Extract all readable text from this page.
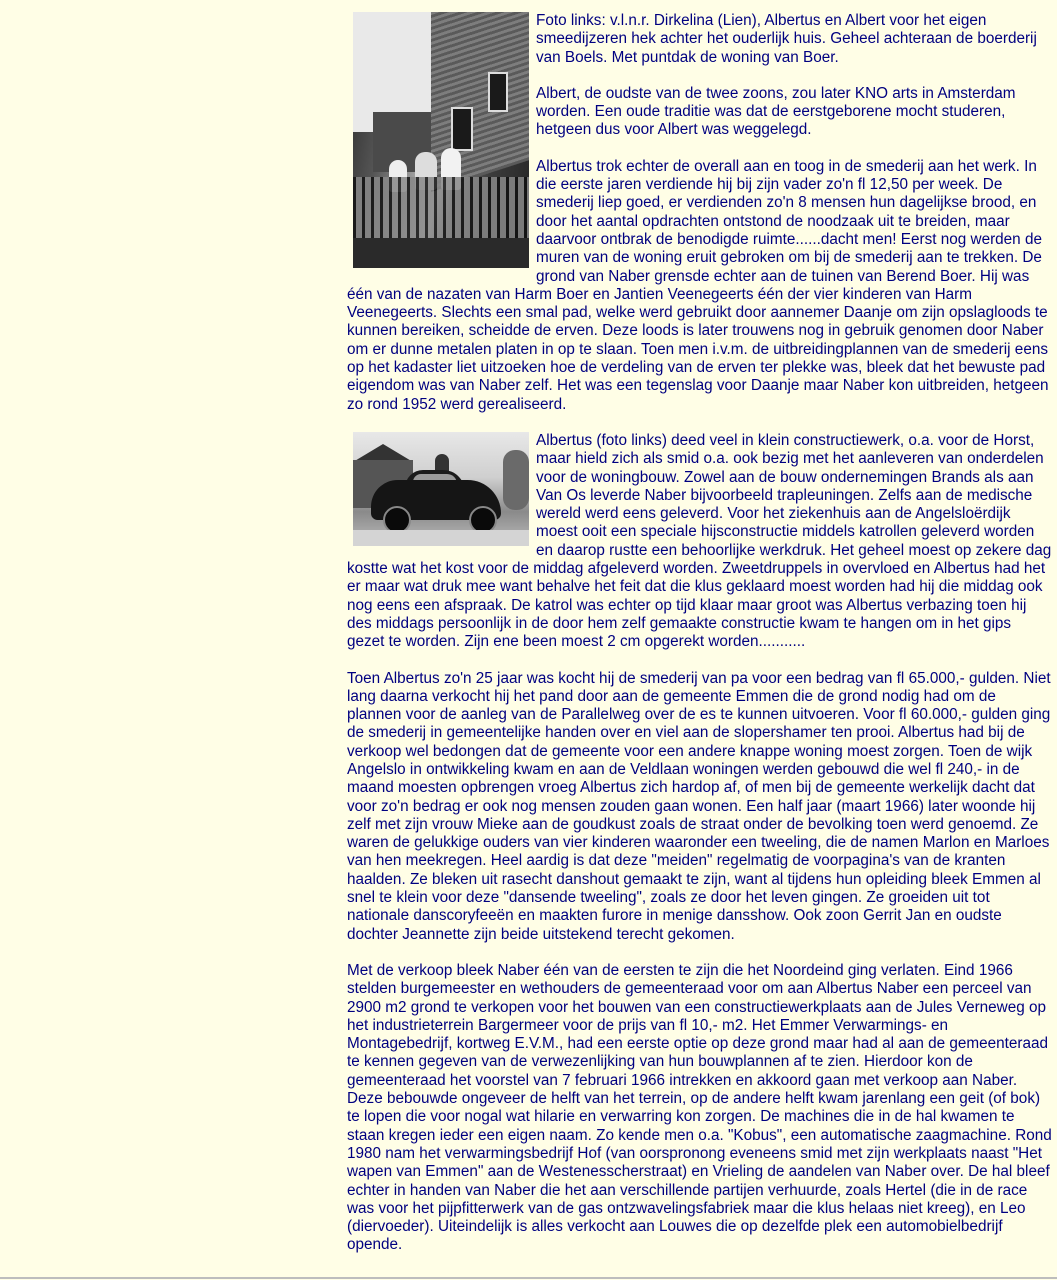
Foto links: v.l.n.r. Dirkelina (Lien), Albertus en Albert voor het eigen smeedijzeren hek achter het ouderlijk huis. Geheel achteraan de boerderij van Boels. Met puntdak de woning van Boer.

Albert, de oudste van de twee zoons, zou later KNO arts in Amsterdam worden. Een oude traditie was dat de eerstgeborene mocht studeren, hetgeen dus voor Albert was weggelegd.

Albertus trok echter de overall aan en toog in de smederij aan het werk. In die eerste jaren verdiende hij bij zijn vader zo'n fl 12,50 per week. De smederij liep goed, er verdienden zo'n 8 mensen hun dagelijkse brood, en door het aantal opdrachten ontstond de noodzaak uit te breiden, maar daarvoor ontbrak de benodigde ruimte......dacht men! Eerst nog werden de muren van de woning eruit gebroken om bij de smederij aan te trekken. De grond van Naber grensde echter aan de tuinen van Berend Boer. Hij was één van de nazaten van Harm Boer en Jantien Veenegeerts één der vier kinderen van Harm Veenegeerts. Slechts een smal pad, welke werd gebruikt door aannemer Daanje om zijn opslagloods te kunnen bereiken, scheidde de erven. Deze loods is later trouwens nog in gebruik genomen door Naber om er dunne metalen platen in op te slaan. Toen men i.v.m. de uitbreidingplannen van de smederij eens op het kadaster liet uitzoeken hoe de verdeling van de erven ter plekke was, bleek dat het bewuste pad eigendom was van Naber zelf. Het was een tegenslag voor Daanje maar Naber kon uitbreiden, hetgeen zo rond 1952 werd gerealiseerd.

Albertus (foto links) deed veel in klein constructiewerk, o.a. voor de Horst, maar hield zich als smid o.a. ook bezig met het aanleveren van onderdelen voor de woningbouw. Zowel aan de bouw ondernemingen Brands als aan Van Os leverde Naber bijvoorbeeld trapleuningen. Zelfs aan de medische wereld werd eens geleverd. Voor het ziekenhuis aan de Angelsloërdijk moest ooit een speciale hijsconstructie middels katrollen geleverd worden en daarop rustte een behoorlijke werkdruk. Het geheel moest op zekere dag kostte wat het kost voor de middag afgeleverd worden. Zweetdruppels in overvloed en Albertus had het er maar wat druk mee want behalve het feit dat die klus geklaard moest worden had hij die middag ook nog eens een afspraak. De katrol was echter op tijd klaar maar groot was Albertus verbazing toen hij des middags persoonlijk in de door hem zelf gemaakte constructie kwam te hangen om in het gips gezet te worden. Zijn ene been moest 2 cm opgerekt worden...........

Toen Albertus zo'n 25 jaar was kocht hij de smederij van pa voor een bedrag van fl 65.000,- gulden. Niet lang daarna verkocht hij het pand door aan de gemeente Emmen die de grond nodig had om de plannen voor de aanleg van de Parallelweg over de es te kunnen uitvoeren. Voor fl 60.000,- gulden ging de smederij in gemeentelijke handen over en viel aan de slopershamer ten prooi. Albertus had bij de verkoop wel bedongen dat de gemeente voor een andere knappe woning moest zorgen. Toen de wijk Angelslo in ontwikkeling kwam en aan de Veldlaan woningen werden gebouwd die wel fl 240,- in de maand moesten opbrengen vroeg Albertus zich hardop af, of men bij de gemeente werkelijk dacht dat voor zo'n bedrag er ook nog mensen zouden gaan wonen. Een half jaar (maart 1966) later woonde hij zelf met zijn vrouw Mieke aan de goudkust zoals de straat onder de bevolking toen werd genoemd. Ze waren de gelukkige ouders van vier kinderen waaronder een tweeling, die de namen Marlon en Marloes van hen meekregen. Heel aardig is dat deze "meiden" regelmatig de voorpagina's van de kranten haalden. Ze bleken uit rasecht danshout gemaakt te zijn, want al tijdens hun opleiding bleek Emmen al snel te klein voor deze "dansende tweeling", zoals ze door het leven gingen. Ze groeiden uit tot nationale danscoryfeeën en maakten furore in menige dansshow. Ook zoon Gerrit Jan en oudste dochter Jeannette zijn beide uitstekend terecht gekomen.

Met de verkoop bleek Naber één van de eersten te zijn die het Noordeind ging verlaten. Eind 1966 stelden burgemeester en wethouders de gemeenteraad voor om aan Albertus Naber een perceel van 2900 m2 grond te verkopen voor het bouwen van een constructiewerkplaats aan de Jules Verneweg op het industrieterrein Bargermeer voor de prijs van fl 10,- m2. Het Emmer Verwarmings- en Montagebedrijf, kortweg E.V.M., had een eerste optie op deze grond maar had al aan de gemeenteraad te kennen gegeven van de verwezenlijking van hun bouwplannen af te zien. Hierdoor kon de gemeenteraad het voorstel van 7 februari 1966 intrekken en akkoord gaan met verkoop aan Naber. Deze bebouwde ongeveer de helft van het terrein, op de andere helft kwam jarenlang een geit (of bok) te lopen die voor nogal wat hilarie en verwarring kon zorgen. De machines die in de hal kwamen te staan kregen ieder een eigen naam. Zo kende men o.a. "Kobus", een automatische zaagmachine. Rond 1980 nam het verwarmingsbedrijf Hof (van oorspronong eveneens smid met zijn werkplaats naast "Het wapen van Emmen" aan de Westenesscherstraat) en Vrieling de aandelen van Naber over. De hal bleef echter in handen van Naber die het aan verschillende partijen verhuurde, zoals Hertel (die in de race was voor het pijpfitterwerk van de gas ontzwavelingsfabriek maar die klus helaas niet kreeg), en Leo (diervoeder). Uiteindelijk is alles verkocht aan Louwes die op dezelfde plek een automobielbedrijf opende.
